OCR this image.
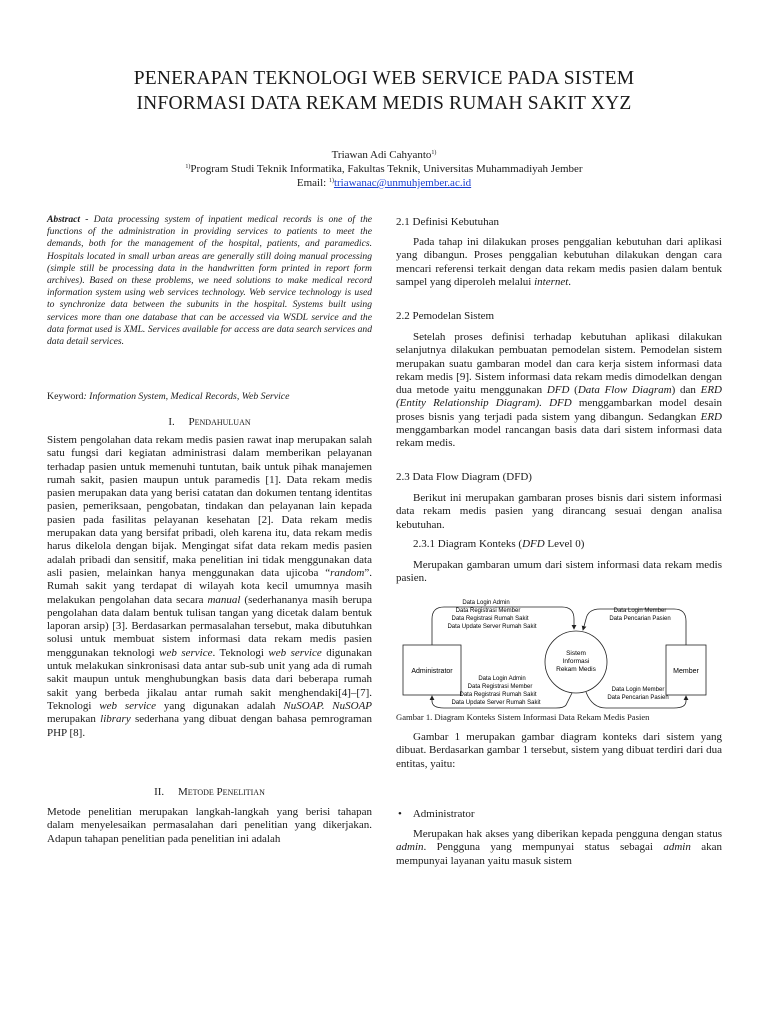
PENERAPAN TEKNOLOGI WEB SERVICE PADA SISTEM
INFORMASI DATA REKAM MEDIS RUMAH SAKIT XYZ
Triawan Adi Cahyanto$^{1)}$
$^{1)}$Program Studi Teknik Informatika, Fakultas Teknik, Universitas Muhammadiyah Jember
Email: $^{1)}$triawanac@unmuhjember.ac.id
Abstract - Data processing system of inpatient medical records is one of the functions of the administration in providing services to patients to meet the demands, both for the management of the hospital, patients, and paramedics. Hospitals located in small urban areas are generally still doing manual processing (simple still be processing data in the handwritten form printed in report form archives). Based on these problems, we need solutions to make medical record information system using web services technology. Web service technology is used to synchronize data between the subunits in the hospital. Systems built using services more than one database that can be accessed via WSDL service and the data format used is XML. Services available for access are data search services and data detail services.
Keyword: Information System, Medical Records, Web Service
I. Pendahuluan
Sistem pengolahan data rekam medis pasien rawat inap merupakan salah satu fungsi dari kegiatan administrasi dalam memberikan pelayanan terhadap pasien untuk memenuhi tuntutan, baik untuk pihak manajemen rumah sakit, pasien maupun untuk paramedis [1]. Data rekam medis pasien merupakan data yang berisi catatan dan dokumen tentang identitas pasien, pemeriksaan, pengobatan, tindakan dan pelayanan lain kepada pasien pada fasilitas pelayanan kesehatan [2]. Data rekam medis merupakan data yang bersifat pribadi, oleh karena itu, data rekam medis harus dikelola dengan bijak. Mengingat sifat data rekam medis pasien adalah pribadi dan sensitif, maka penelitian ini tidak menggunakan data asli pasien, melainkan hanya menggunakan data ujicoba “random”. Rumah sakit yang terdapat di wilayah kota kecil umumnya masih melakukan pengolahan data secara manual (sederhananya masih berupa pengolahan data dalam bentuk tulisan tangan yang dicetak dalam bentuk laporan arsip) [3]. Berdasarkan permasalahan tersebut, maka dibutuhkan solusi untuk membuat sistem informasi data rekam medis pasien menggunakan teknologi web service. Teknologi web service digunakan untuk melakukan sinkronisasi data antar sub-sub unit yang ada di rumah sakit maupun untuk menghubungkan basis data dari beberapa rumah sakit yang berbeda jikalau antar rumah sakit menghendaki[4]–[7]. Teknologi web service yang digunakan adalah NuSOAP. NuSOAP merupakan library sederhana yang dibuat dengan bahasa pemrograman PHP [8].
II. Metode Penelitian
Metode penelitian merupakan langkah-langkah yang berisi tahapan dalam menyelesaikan permasalahan dari penelitian yang dikerjakan. Adapun tahapan penelitian pada penelitian ini adalah
2.1 Definisi Kebutuhan
Pada tahap ini dilakukan proses penggalian kebutuhan dari aplikasi yang dibangun. Proses penggalian kebutuhan dilakukan dengan cara mencari referensi terkait dengan data rekam medis pasien dalam bentuk sampel yang diperoleh melalui internet.
2.2 Pemodelan Sistem
Setelah proses definisi terhadap kebutuhan aplikasi dilakukan selanjutnya dilakukan pembuatan pemodelan sistem. Pemodelan sistem merupakan suatu gambaran model dan cara kerja sistem informasi data rekam medis [9]. Sistem informasi data rekam medis dimodelkan dengan dua metode yaitu menggunakan DFD (Data Flow Diagram) dan ERD (Entity Relationship Diagram). DFD menggambarkan model desain proses bisnis yang terjadi pada sistem yang dibangun. Sedangkan ERD menggambarkan model rancangan basis data dari sistem informasi data rekam medis.
2.3 Data Flow Diagram (DFD)
Berikut ini merupakan gambaran proses bisnis dari sistem informasi data rekam medis pasien yang dirancang sesuai dengan analisa kebutuhan.
2.3.1 Diagram Konteks (DFD Level 0)
Merupakan gambaran umum dari sistem informasi data rekam medis pasien.
Administrator	Member
Sistem
Informasi
Rekam Medis
Data Login Admin
Data Registrasi Member
Data Registrasi Rumah Sakit
Data Update Server Rumah Sakit
Data Login Member
Data Pencarian Pasien
Data Login Admin
Data Registrasi Member
Data Registrasi Rumah Sakit
Data Update Server Rumah Sakit
Data Login Member
Data Pencarian Pasien
Gambar 1. Diagram Konteks Sistem Informasi Data Rekam Medis Pasien
Gambar 1 merupakan gambar diagram konteks dari sistem yang dibuat. Berdasarkan gambar 1 tersebut, sistem yang dibuat terdiri dari dua entitas, yaitu:
• Administrator
Merupakan hak akses yang diberikan kepada pengguna dengan status admin. Pengguna yang mempunyai status sebagai admin akan mempunyai layanan yaitu masuk sistem
